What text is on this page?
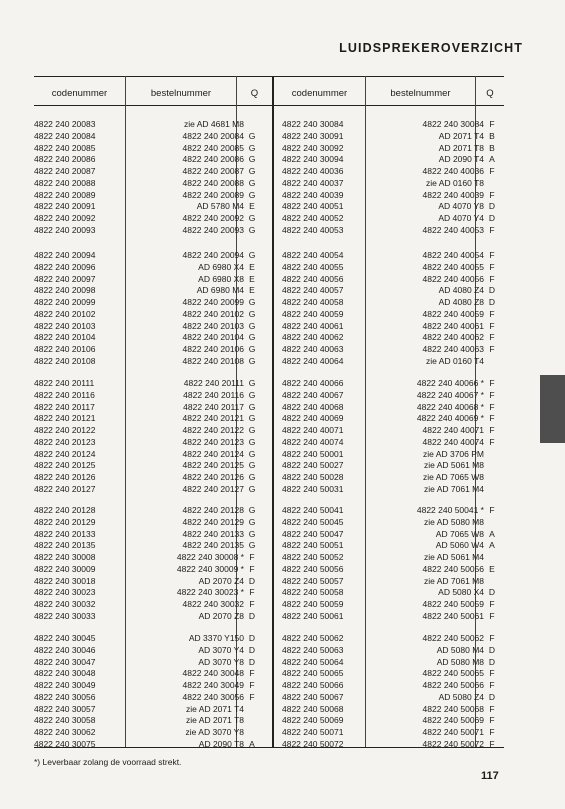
LUIDSPREKEROVERZICHT
codenummer	bestelnummer	Q	codenummer	bestelnummer	Q
4822 240 20083	zie AD 4681 M8	4822 240 30084	4822 240 30084 F
4822 240 20084	4822 240 20084 G	4822 240 30091	AD 2071 T4 B
4822 240 20085	4822 240 20085 G	4822 240 30092	AD 2071 T8 B
4822 240 20086	4822 240 20086 G	4822 240 30094	AD 2090 T4 A
4822 240 20087	4822 240 20087 G	4822 240 40036	4822 240 40036 F
4822 240 20088	4822 240 20088 G	4822 240 40037	zie AD 0160 T8
4822 240 20089	4822 240 20089 G	4822 240 40039	4822 240 40039 F
4822 240 20091	AD 5780 M4 E	4822 240 40051	AD 4070 Y8 D
4822 240 20092	4822 240 20092 G	4822 240 40052	AD 4070 Y4 D
4822 240 20093	4822 240 20093 G	4822 240 40053	4822 240 40053 F
4822 240 20094	4822 240 20094 G	4822 240 40054	4822 240 40054 F
4822 240 20096	AD 6980 X4 E	4822 240 40055	4822 240 40055 F
4822 240 20097	AD 6980 X8 E	4822 240 40056	4822 240 40056 F
4822 240 20098	AD 6980 M4 E	4822 240 40057	AD 4080 Z4 D
4822 240 20099	4822 240 20099 G	4822 240 40058	AD 4080 Z8 D
4822 240 20102	4822 240 20102 G	4822 240 40059	4822 240 40059 F
4822 240 20103	4822 240 20103 G	4822 240 40061	4822 240 40061 F
4822 240 20104	4822 240 20104 G	4822 240 40062	4822 240 40062 F
4822 240 20106	4822 240 20106 G	4822 240 40063	4822 240 40063 F
4822 240 20108	4822 240 20108 G	4822 240 40064	zie AD 0160 T4
4822 240 20111	4822 240 20111 G	4822 240 40066	4822 240 40066 * F
4822 240 20116	4822 240 20116 G	4822 240 40067	4822 240 40067 * F
4822 240 20117	4822 240 20117 G	4822 240 40068	4822 240 40068 * F
4822 240 20121	4822 240 20121 G	4822 240 40069	4822 240 40069 * F
4822 240 20122	4822 240 20122 G	4822 240 40071	4822 240 40071 F
4822 240 20123	4822 240 20123 G	4822 240 40074	4822 240 40074 F
4822 240 20124	4822 240 20124 G	4822 240 50001	zie AD 3706 PM
4822 240 20125	4822 240 20125 G	4822 240 50027	zie AD 5061 M8
4822 240 20126	4822 240 20126 G	4822 240 50028	zie AD 7065 W8
4822 240 20127	4822 240 20127 G	4822 240 50031	zie AD 7061 M4
4822 240 20128	4822 240 20128 G	4822 240 50041	4822 240 50041 * F
4822 240 20129	4822 240 20129 G	4822 240 50045	zie AD 5080 M8
4822 240 20133	4822 240 20133 G	4822 240 50047	AD 7065 W8 A
4822 240 20135	4822 240 20135 G	4822 240 50051	AD 5060 W4 A
4822 240 30008	4822 240 30008 * F	4822 240 50052	zie AD 5061 M4
4822 240 30009	4822 240 30009 * F	4822 240 50056	4822 240 50056 E
4822 240 30018	AD 2070 Z4 D	4822 240 50057	zie AD 7061 M8
4822 240 30023	4822 240 30023 * F	4822 240 50058	AD 5080 X4 D
4822 240 30032	4822 240 30032 F	4822 240 50059	4822 240 50059 F
4822 240 30033	AD 2070 Z8 D	4822 240 50061	4822 240 50061 F
4822 240 30045	AD 3370 Y150 D	4822 240 50062	4822 240 50062 F
4822 240 30046	AD 3070 Y4 D	4822 240 50063	AD 5080 M4 D
4822 240 30047	AD 3070 Y8 D	4822 240 50064	AD 5080 M8 D
4822 240 30048	4822 240 30048 F	4822 240 50065	4822 240 50065 F
4822 240 30049	4822 240 30049 F	4822 240 50066	4822 240 50066 F
4822 240 30056	4822 240 30056 F	4822 240 50067	AD 5080 Z4 D
4822 240 30057	zie AD 2071 T4	4822 240 50068	4822 240 50068 F
4822 240 30058	zie AD 2071 T8	4822 240 50069	4822 240 50069 F
4822 240 30062	zie AD 3070 Y8	4822 240 50071	4822 240 50071 F
4822 240 30075	AD 2090 T8 A	4822 240 50072	4822 240 50072 F
*) Leverbaar zolang de voorraad strekt.
117
